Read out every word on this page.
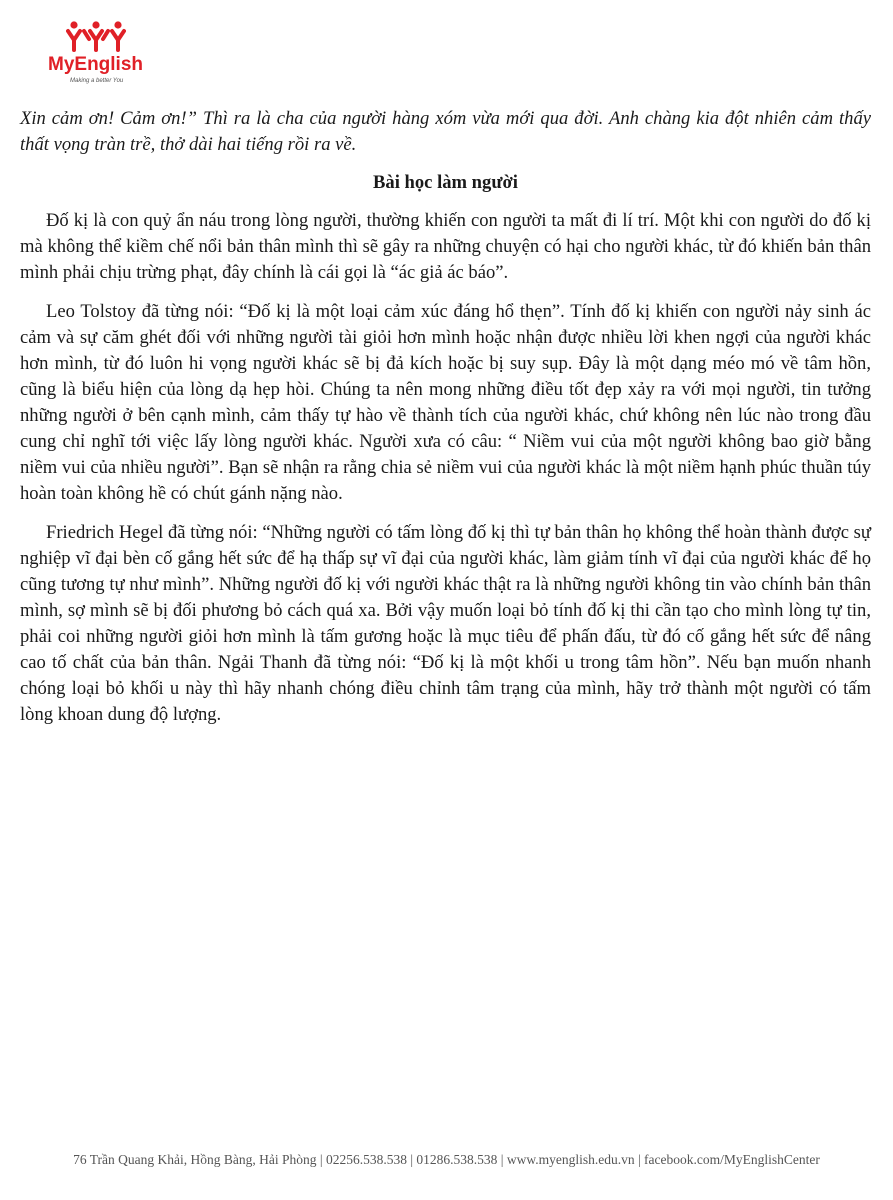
MyEnglish
Making a better You

Xin cảm ơn! Cảm ơn!” Thì ra là cha của người hàng xóm vừa mới qua đời. Anh chàng kia đột nhiên cảm thấy thất vọng tràn trề, thở dài hai tiếng rồi ra về.

Bài học làm người

Đố kị là con quỷ ẩn náu trong lòng người, thường khiến con người ta mất đi lí trí. Một khi con người do đố kị mà không thể kiềm chế nổi bản thân mình thì sẽ gây ra những chuyện có hại cho người khác, từ đó khiến bản thân mình phải chịu trừng phạt, đây chính là cái gọi là “ác giả ác báo”.

Leo Tolstoy đã từng nói: “Đố kị là một loại cảm xúc đáng hổ thẹn”. Tính đố kị khiến con người nảy sinh ác cảm và sự căm ghét đối với những người tài giỏi hơn mình hoặc nhận được nhiều lời khen ngợi của người khác hơn mình, từ đó luôn hi vọng người khác sẽ bị đả kích hoặc bị suy sụp. Đây là một dạng méo mó về tâm hồn, cũng là biểu hiện của lòng dạ hẹp hòi. Chúng ta nên mong những điều tốt đẹp xảy ra với mọi người, tin tưởng những người ở bên cạnh mình, cảm thấy tự hào về thành tích của người khác, chứ không nên lúc nào trong đầu cung chỉ nghĩ tới việc lấy lòng người khác. Người xưa có câu: “ Niềm vui của một người không bao giờ bằng niềm vui của nhiều người”. Bạn sẽ nhận ra rằng chia sẻ niềm vui của người khác là một niềm hạnh phúc thuần túy hoàn toàn không hề có chút gánh nặng nào.

Friedrich Hegel đã từng nói: “Những người có tấm lòng đố kị thì tự bản thân họ không thể hoàn thành được sự nghiệp vĩ đại bèn cố gắng hết sức để hạ thấp sự vĩ đại của người khác, làm giảm tính vĩ đại của người khác để họ cũng tương tự như mình”. Những người đố kị với người khác thật ra là những người không tin vào chính bản thân mình, sợ mình sẽ bị đối phương bỏ cách quá xa. Bởi vậy muốn loại bỏ tính đố kị thi cần tạo cho mình lòng tự tin, phải coi những người giỏi hơn mình là tấm gương hoặc là mục tiêu để phấn đấu, từ đó cố gắng hết sức để nâng cao tố chất của bản thân. Ngải Thanh đã từng nói: “Đố kị là một khối u trong tâm hồn”. Nếu bạn muốn nhanh chóng loại bỏ khối u này thì hãy nhanh chóng điều chỉnh tâm trạng của mình, hãy trở thành một người có tấm lòng khoan dung độ lượng.

76 Trần Quang Khải, Hồng Bàng, Hải Phòng | 02256.538.538 | 01286.538.538 | www.myenglish.edu.vn | facebook.com/MyEnglishCenter
